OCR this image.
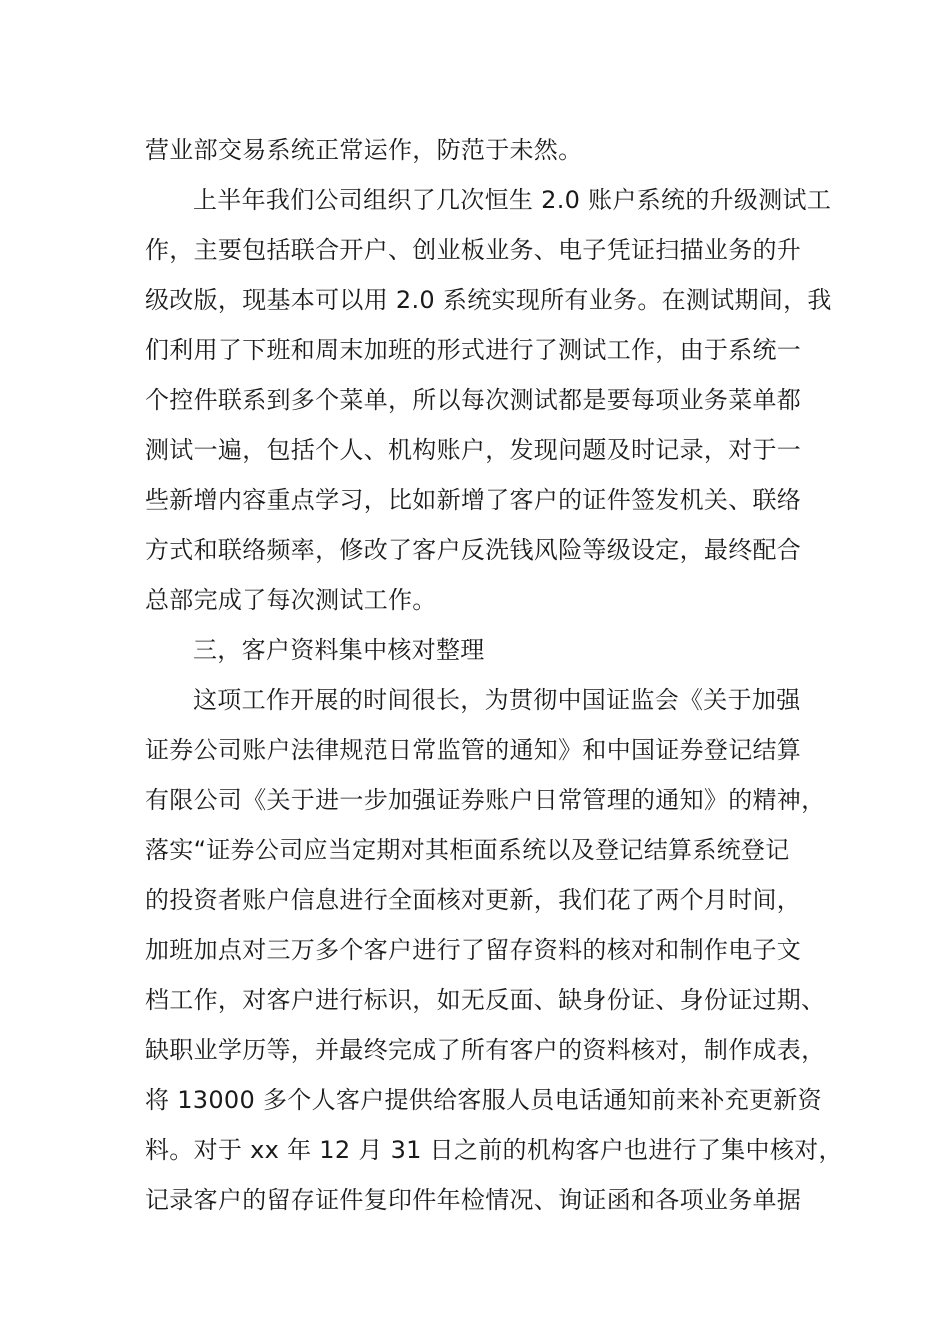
营业部交易系统正常运作，防范于未然。

上半年我们公司组织了几次恒生 2.0 账户系统的升级测试工

作，主要包括联合开户、创业板业务、电子凭证扫描业务的升

级改版，现基本可以用 2.0 系统实现所有业务。在测试期间，我

们利用了下班和周末加班的形式进行了测试工作，由于系统一

个控件联系到多个菜单，所以每次测试都是要每项业务菜单都

测试一遍，包括个人、机构账户，发现问题及时记录，对于一

些新增内容重点学习，比如新增了客户的证件签发机关、联络

方式和联络频率，修改了客户反洗钱风险等级设定，最终配合

总部完成了每次测试工作。

三，客户资料集中核对整理

这项工作开展的时间很长，为贯彻中国证监会《关于加强

证券公司账户法律规范日常监管的通知》和中国证券登记结算

有限公司《关于进一步加强证券账户日常管理的通知》的精神，

落实“证券公司应当定期对其柜面系统以及登记结算系统登记

的投资者账户信息进行全面核对更新，我们花了两个月时间，

加班加点对三万多个客户进行了留存资料的核对和制作电子文

档工作，对客户进行标识，如无反面、缺身份证、身份证过期、

缺职业学历等，并最终完成了所有客户的资料核对，制作成表，

将 13000 多个人客户提供给客服人员电话通知前来补充更新资

料。对于 xx 年 12 月 31 日之前的机构客户也进行了集中核对，

记录客户的留存证件复印件年检情况、询证函和各项业务单据
